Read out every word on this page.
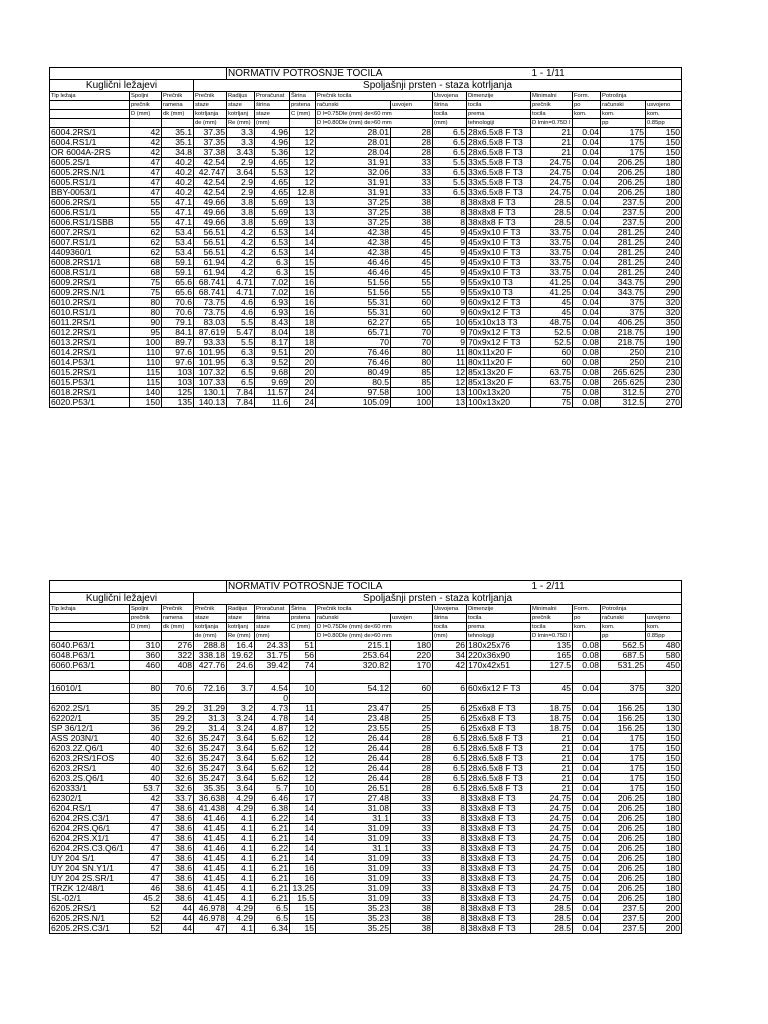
				NORMATIV POTROŠNJE TOCILA							1 - 1/11			
Kuglični ležajevi			Spoljašnji prsten - staza kotrljanja											
Tip ležaja	Spoljni	Prečnik	Prečnik	Radijus	Proračunat	Širina	Prečnik tocila		Usvojena	Dimenzije	Minimalni	Form.	Potrošnja	
	prečnik	ramena	staze	staze	širina	prstena	računski	usvojen	širina	tocila	prečnik	po	računski	usvojeno
	D (mm)	dk (mm)	kotrljanja	kotrljanj	staze	C (mm)	D l=0.75Dle (mm) de<60 mm		tocila	prema	tocila	kom.	kom.	kom.
			de (mm)	Re (mm)	(mm)		D l=0.80Dle (mm) de>60 mm		(mm)	tehnologiji	D lmin=0.75D l		pp	0.85pp
6004.2RS/1	42	35.1	37.35	3.3	4.96	12	28.01	28	6.5	28x6.5x8 F T3	21	0.04	175	150
6004.RS1/1	42	35.1	37.35	3.3	4.96	12	28.01	28	6.5	28x6.5x8 F T3	21	0.04	175	150
OR 6004A-2RS	42	34.8	37.38	3.43	5.36	12	28.04	28	6.5	28x6.5x8 F T3	21	0.04	175	150
6005.2S/1	47	40.2	42.54	2.9	4.65	12	31.91	33	5.5	33x5.5x8 F T3	24.75	0.04	206.25	180
6005.2RS.N/1	47	40.2	42.747	3.64	5.53	12	32.06	33	6.5	33x6.5x8 F T3	24.75	0.04	206.25	180
6005.RS1/1	47	40.2	42.54	2.9	4.65	12	31.91	33	5.5	33x5.5x8 F T3	24.75	0.04	206.25	180
BBY-0053/1	47	40.2	42.54	2.9	4.65	12.8	31.91	33	6.5	33x6.5x8 F T3	24.75	0.04	206.25	180
6006.2RS/1	55	47.1	49.66	3.8	5.69	13	37.25	38	8	38x8x8 F T3	28.5	0.04	237.5	200
6006.RS1/1	55	47.1	49.66	3.8	5.69	13	37.25	38	8	38x8x8 F T3	28.5	0.04	237.5	200
6006.RS1/1SBB	55	47.1	49.66	3.8	5.69	13	37.25	38	8	38x8x8 F T3	28.5	0.04	237.5	200
6007.2RS/1	62	53.4	56.51	4.2	6.53	14	42.38	45	9	45x9x10 F T3	33.75	0.04	281.25	240
6007.RS1/1	62	53.4	56.51	4.2	6.53	14	42.38	45	9	45x9x10 F T3	33.75	0.04	281.25	240
4409360/1	62	53.4	56.51	4.2	6.53	14	42.38	45	9	45x9x10 F T3	33.75	0.04	281.25	240
6008.2RS1/1	68	59.1	61.94	4.2	6.3	15	46.46	45	9	45x9x10 F T3	33.75	0.04	281.25	240
6008.RS1/1	68	59.1	61.94	4.2	6.3	15	46.46	45	9	45x9x10 F T3	33.75	0.04	281.25	240
6009.2RS/1	75	65.6	68.741	4.71	7.02	16	51.56	55	9	55x9x10 T3	41.25	0.04	343.75	290
6009.2RS.N/1	75	65.6	68.741	4.71	7.02	16	51.56	55	9	55x9x10 T3	41.25	0.04	343.75	290
6010.2RS/1	80	70.6	73.75	4.6	6.93	16	55.31	60	9	60x9x12 F T3	45	0.04	375	320
6010.RS1/1	80	70.6	73.75	4.6	6.93	16	55.31	60	9	60x9x12 F T3	45	0.04	375	320
6011.2RS/1	90	79.1	83.03	5.5	8.43	18	62.27	65	10	65x10x13 T3	48.75	0.04	406.25	350
6012.2RS/1	95	84.1	87.619	5.47	8.04	18	65.71	70	9	70x9x12 F T3	52.5	0.08	218.75	190
6013.2RS/1	100	89.7	93.33	5.5	8.17	18	70	70	9	70x9x12 F T3	52.5	0.08	218.75	190
6014.2RS/1	110	97.6	101.95	6.3	9.51	20	76.46	80	11	80x11x20 F	60	0.08	250	210
6014.P53/1	110	97.6	101.95	6.3	9.52	20	76.46	80	11	80x11x20 F	60	0.08	250	210
6015.2RS/1	115	103	107.32	6.5	9.68	20	80.49	85	12	85x13x20 F	63.75	0.08	265.625	230
6015.P53/1	115	103	107.33	6.5	9.69	20	80.5	85	12	85x13x20 F	63.75	0.08	265.625	230
6018.2RS/1	140	125	130.1	7.84	11.57	24	97.58	100	13	100x13x20	75	0.08	312.5	270
6020.P53/1	150	135	140.13	7.84	11.6	24	105.09	100	13	100x13x20	75	0.08	312.5	270
				NORMATIV POTROŠNJE TOCILA							1 - 2/11			
Kuglični ležajevi			Spoljašnji prsten - staza kotrljanja											
Tip ležaja	Spoljni	Prečnik	Prečnik	Radijus	Proračunat	Širina	Prečnik tocila		Usvojena	Dimenzije	Minimalni	Form.	Potrošnja	
	prečnik	ramena	staze	staze	širina	prstena	računski	usvojen	širina	tocila	prečnik	po	računski	usvojeno
	D (mm)	dk (mm)	kotrljanja	kotrljanj	staze	C (mm)	D l=0.75Dle (mm) de<60 mm		tocila	prema	tocila	kom.	kom.	kom.
			de (mm)	Re (mm)	(mm)		D l=0.80Dle (mm) de>60 mm		(mm)	tehnologiji	D lmin=0.75D l		pp	0.85pp
6040.P63/1	310	276	288.8	16.4	24.33	51	215.1	180	26	180x25x76	135	0.08	562.5	480
6048.P63/1	360	322	338.18	19.62	31.75	56	253.64	220	34	220x36x90	165	0.08	687.5	580
6060.P63/1	460	408	427.76	24.6	39.42	74	320.82	170	42	170x42x51	127.5	0.08	531.25	450

16010/1	80	70.6	72.16	3.7	4.54	10	54.12	60	6	60x6x12 F T3	45	0.04	375	320
					0									
6202.2S/1	35	29.2	31.29	3.2	4.73	11	23.47	25	6	25x6x8 F T3	18.75	0.04	156.25	130
62202/1	35	29.2	31.3	3.24	4.78	14	23.48	25	6	25x6x8 F T3	18.75	0.04	156.25	130
SP 36/12/1	36	29.2	31.4	3.24	4.87	12	23.55	25	6	25x6x8 F T3	18.75	0.04	156.25	130
ASS 203N/1	40	32.6	35.247	3.64	5.62	12	26.44	28	6.5	28x6.5x8 F T3	21	0.04	175	150
6203.2Z.Q6/1	40	32.6	35.247	3.64	5.62	12	26.44	28	6.5	28x6.5x8 F T3	21	0.04	175	150
6203.2RS/1FOS	40	32.6	35.247	3.64	5.62	12	26.44	28	6.5	28x6.5x8 F T3	21	0.04	175	150
6203.2RS/1	40	32.6	35.247	3.64	5.62	12	26.44	28	6.5	28x6.5x8 F T3	21	0.04	175	150
6203.2S.Q6/1	40	32.6	35.247	3.64	5.62	12	26.44	28	6.5	28x6.5x8 F T3	21	0.04	175	150
620333/1	53.7	32.6	35.35	3.64	5.7	10	26.51	28	6.5	28x6.5x8 F T3	21	0.04	175	150
62302/1	42	33.7	36.638	4.29	6.46	17	27.48	33	8	33x8x8 F T3	24.75	0.04	206.25	180
6204.RS/1	47	38.6	41.438	4.29	6.38	14	31.08	33	8	33x8x8 F T3	24.75	0.04	206.25	180
6204.2RS.C3/1	47	38.6	41.46	4.1	6.22	14	31.1	33	8	33x8x8 F T3	24.75	0.04	206.25	180
6204.2RS.Q6/1	47	38.6	41.45	4.1	6.21	14	31.09	33	8	33x8x8 F T3	24.75	0.04	206.25	180
6204.2RS.X1/1	47	38.6	41.45	4.1	6.21	14	31.09	33	8	33x8x8 F T3	24.75	0.04	206.25	180
6204.2RS.C3.Q6/1	47	38.6	41.46	4.1	6.22	14	31.1	33	8	33x8x8 F T3	24.75	0.04	206.25	180
UY 204 S/1	47	38.6	41.45	4.1	6.21	14	31.09	33	8	33x8x8 F T3	24.75	0.04	206.25	180
UY 204 SN.Y1/1	47	38.6	41.45	4.1	6.21	16	31.09	33	8	33x8x8 F T3	24.75	0.04	206.25	180
UY 204 2S.SR/1	47	38.6	41.45	4.1	6.21	16	31.09	33	8	33x8x8 F T3	24.75	0.04	206.25	180
TRZK 12/48/1	46	38.6	41.45	4.1	6.21	13.25	31.09	33	8	33x8x8 F T3	24.75	0.04	206.25	180
SL-02/1	45.2	38.6	41.45	4.1	6.21	15.5	31.09	33	8	33x8x8 F T3	24.75	0.04	206.25	180
6205.2RS/1	52	44	46.978	4.29	6.5	15	35.23	38	8	38x8x8 F T3	28.5	0.04	237.5	200
6205.2RS.N/1	52	44	46.978	4.29	6.5	15	35.23	38	8	38x8x8 F T3	28.5	0.04	237.5	200
6205.2RS.C3/1	52	44	47	4.1	6.34	15	35.25	38	8	38x8x8 F T3	28.5	0.04	237.5	200
